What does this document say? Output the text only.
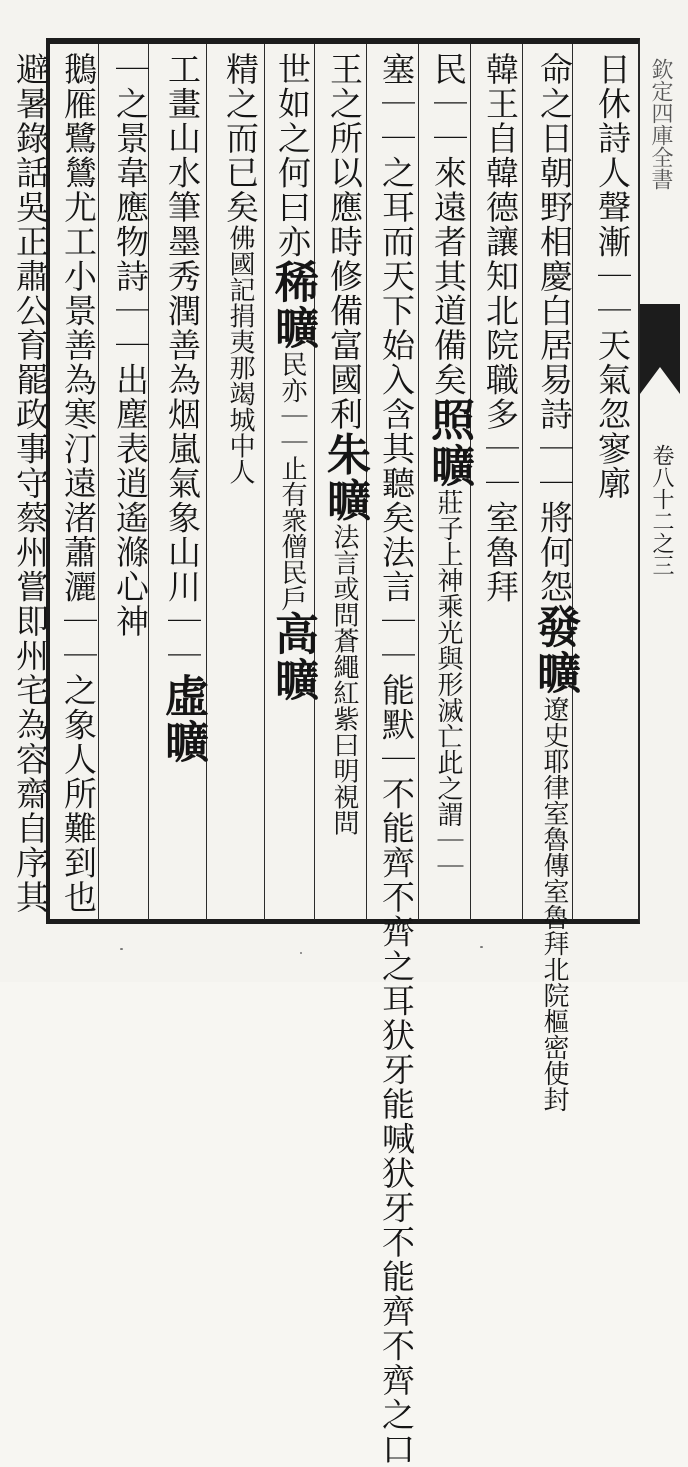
日休詩人聲漸｜｜天氣忽寥廓
命之日朝野相慶白居易詩｜｜將何怨發曠遼史耶律室魯傳室魯拜北院樞密使封
韓王自韓德讓知北院職多｜｜室魯拜
民｜｜來遠者其道備矣照曠莊子上神乘光與形滅亡此之謂｜｜
塞｜｜之耳而天下始入含其聽矣法言｜｜能默｜不能齊不齊之耳犾牙能喊犾牙不能齊不齊之口
王之所以應時修備富國利朱曠法言或問蒼繩紅紫曰明視問
世如之何曰亦稀曠民亦｜｜止有衆僧民戶高曠
精之而已矣佛國記捐夷那竭城中人
工畫山水筆墨秀潤善為烟嵐氣象山川｜｜虛曠
｜之景韋應物詩｜｜出塵表逍遙滌心神
鵝雁鷺鷥尤工小景善為寒汀遠渚蕭灑｜｜之象人所難到也
避暑錄話吳正肅公育罷政事守蔡州嘗即州宅為容齋自序其	欽定四庫全書
卷八十二之三
